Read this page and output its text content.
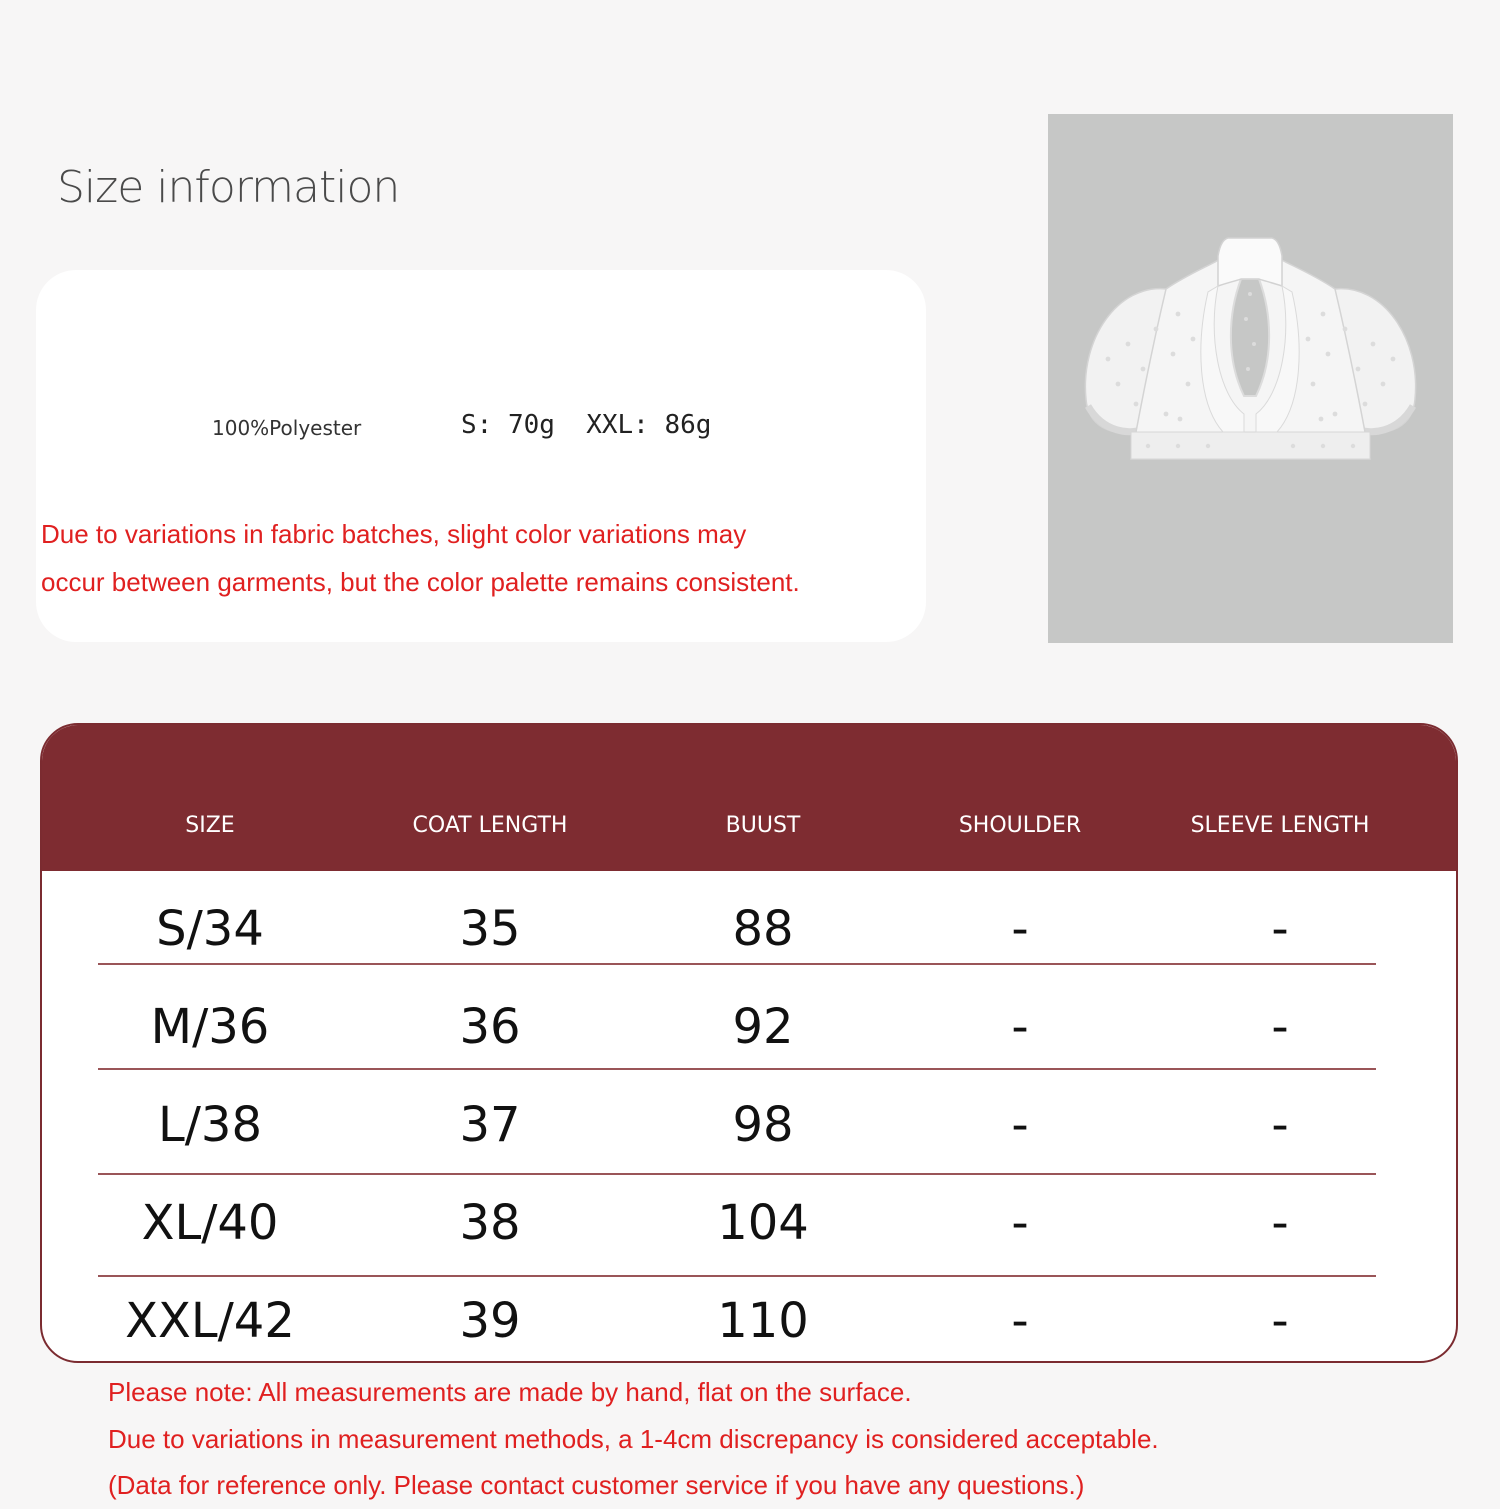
Size information
100%Polyester	S: 70g  XXL: 86g
Due to variations in fabric batches, slight color variations may
occur between garments, but the color palette remains consistent.
SIZE	COAT LENGTH	BUUST	SHOULDER	SLEEVE LENGTH
S/34	35	88	-	-
M/36	36	92	-	-
L/38	37	98	-	-
XL/40	38	104	-	-
XXL/42	39	110	-	-
Please note: All measurements are made by hand, flat on the surface.
Due to variations in measurement methods, a 1-4cm discrepancy is considered acceptable.
(Data for reference only. Please contact customer service if you have any questions.)
